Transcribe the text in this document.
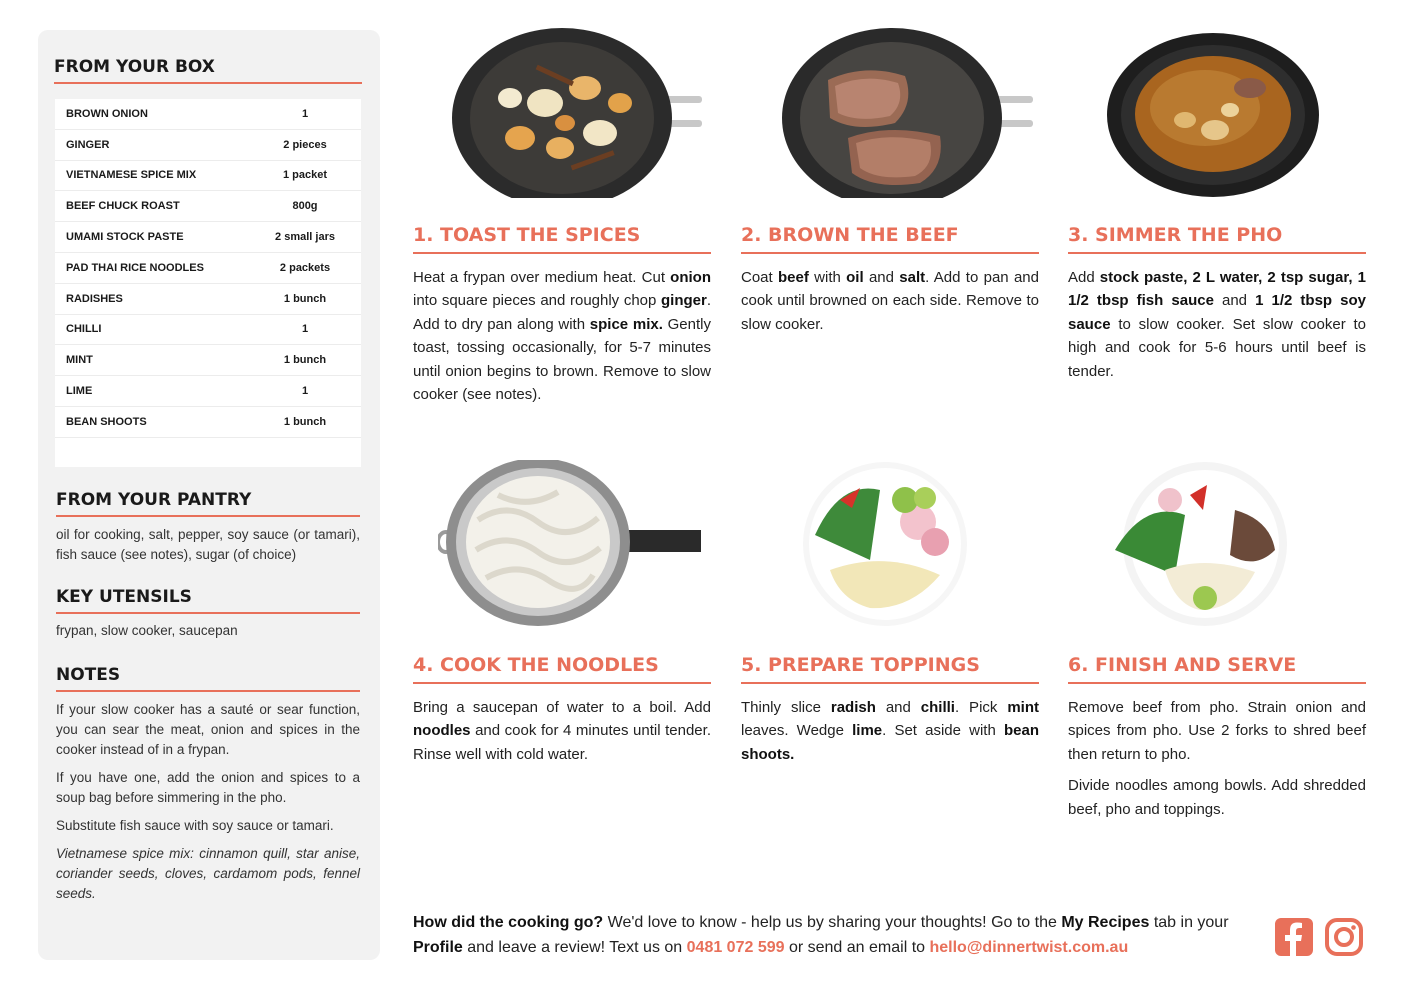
FROM YOUR BOX
BROWN ONION	1
GINGER	2 pieces
VIETNAMESE SPICE MIX	1 packet
BEEF CHUCK ROAST	800g
UMAMI STOCK PASTE	2 small jars
PAD THAI RICE NOODLES	2 packets
RADISHES	1 bunch
CHILLI	1
MINT	1 bunch
LIME	1
BEAN SHOOTS	1 bunch
FROM YOUR PANTRY
oil for cooking, salt, pepper, soy sauce (or tamari), fish sauce (see notes), sugar (of choice)
KEY UTENSILS
frypan, slow cooker, saucepan
NOTES

If your slow cooker has a sauté or sear function, you can sear the meat, onion and spices in the cooker instead of in a frypan.

If you have one, add the onion and spices to a soup bag before simmering in the pho.

Substitute fish sauce with soy sauce or tamari.

Vietnamese spice mix: cinnamon quill, star anise, coriander seeds, cloves, cardamom pods, fennel seeds.

1. TOAST THE SPICES

Heat a frypan over medium heat. Cut onion into square pieces and roughly chop ginger. Add to dry pan along with spice mix. Gently toast, tossing occasionally, for 5-7 minutes until onion begins to brown. Remove to slow cooker (see notes).

2. BROWN THE BEEF

Coat beef with oil and salt. Add to pan and cook until browned on each side. Remove to slow cooker.

3. SIMMER THE PHO

Add stock paste, 2 L water, 2 tsp sugar, 1 1/2 tbsp fish sauce and 1 1/2 tbsp soy sauce to slow cooker. Set slow cooker to high and cook for 5-6 hours until beef is tender.

4. COOK THE NOODLES

Bring a saucepan of water to a boil. Add noodles and cook for 4 minutes until tender. Rinse well with cold water.

5. PREPARE TOPPINGS

Thinly slice radish and chilli. Pick mint leaves. Wedge lime. Set aside with bean shoots.

6. FINISH AND SERVE

Remove beef from pho. Strain onion and spices from pho. Use 2 forks to shred beef then return to pho.

Divide noodles among bowls. Add shredded beef, pho and toppings.

How did the cooking go? We'd love to know - help us by sharing your thoughts! Go to the My Recipes tab in your Profile and leave a review! Text us on 0481 072 599 or send an email to hello@dinnertwist.com.au
